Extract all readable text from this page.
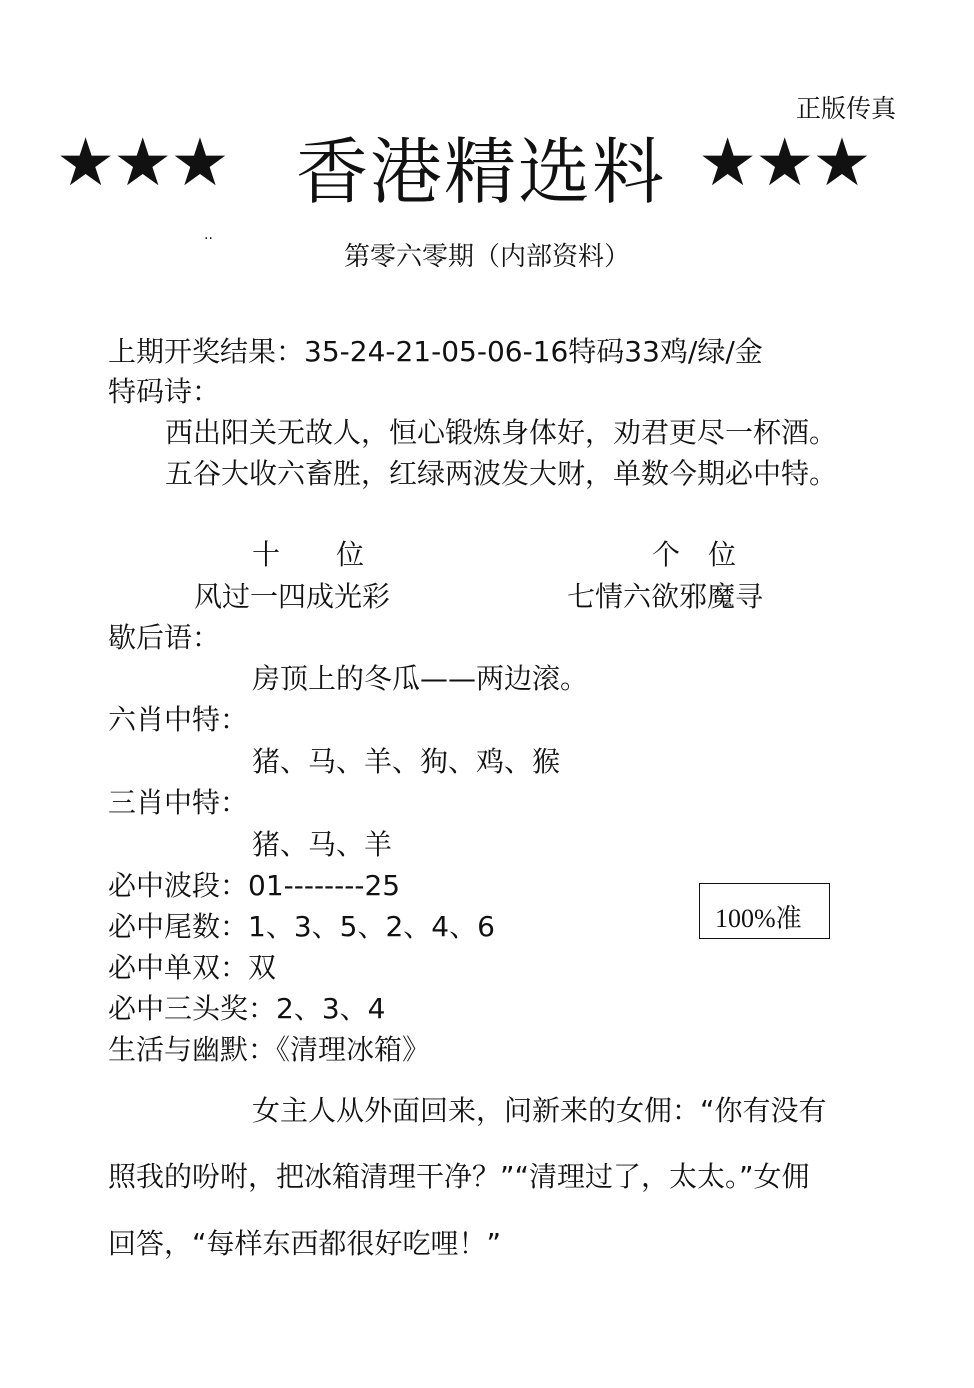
正版传真
★★★ 香港精选料 ★★★
..
第零六零期（内部资料）
上期开奖结果：35-24-21-05-06-16特码33鸡/绿/金
特码诗：
西出阳关无故人，恒心锻炼身体好，劝君更尽一杯酒。
五谷大收六畜胜，红绿两波发大财，单数今期必中特。
十　　位	个　位
风过一四成光彩	七情六欲邪魔寻
歇后语：
房顶上的冬瓜——两边滚。
六肖中特：
猪、马、羊、狗、鸡、猴
三肖中特：
猪、马、羊
必中波段：01--------25
必中尾数：1、3、5、2、4、6
必中单双：双
必中三头奖：2、3、4
100%准
生活与幽默：《清理冰箱》
女主人从外面回来，问新来的女佣：“你有没有
照我的吩咐，把冰箱清理干净？”“清理过了，太太。”女佣
回答，“每样东西都很好吃哩！”
